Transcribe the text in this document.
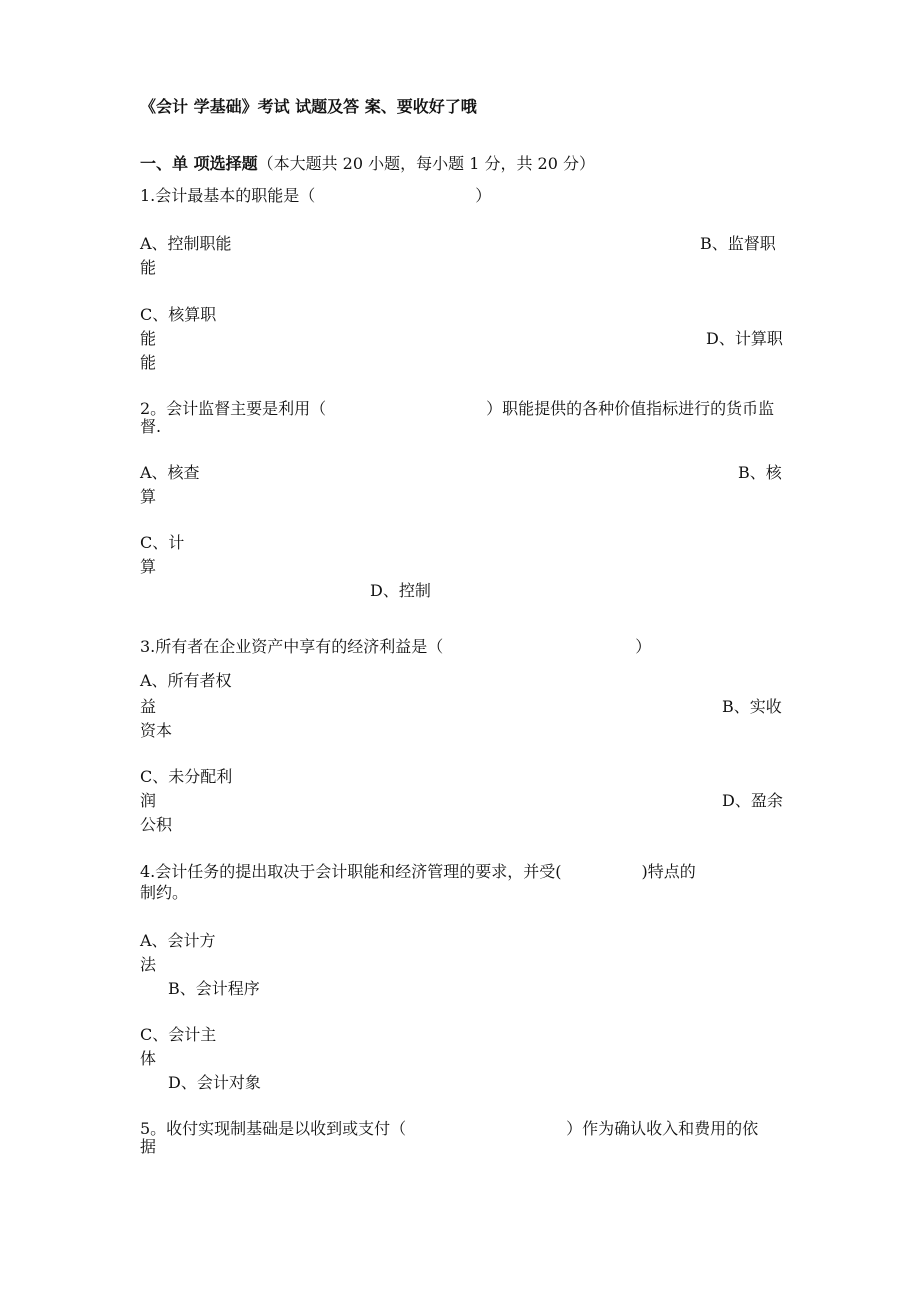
《会计 学基础》考试 试题及答 案、要收好了哦
一、单 项选择题（本大题共 20 小题，每小题 1 分，共 20 分）
1.会计最基本的职能是（　　　　　　　　　　）
A、控制职能	B、监督职
能
C、核算职
能	D、计算职
能
2。会计监督主要是利用（　　　　　　　　　　）职能提供的各种价值指标进行的货币监
督.
A、核查	B、核
算
C、计
算
D、控制
3.所有者在企业资产中享有的经济利益是（　　　　　　　　　　　　）
A、所有者权
益	B、实收
资本
C、未分配利
润	D、盈余
公积
4.会计任务的提出取决于会计职能和经济管理的要求，并受(　　　　　)特点的
制约。
A、会计方
法
B、会计程序
C、会计主
体
D、会计对象
5。收付实现制基础是以收到或支付（　　　　　　　　　　）作为确认收入和费用的依
据
